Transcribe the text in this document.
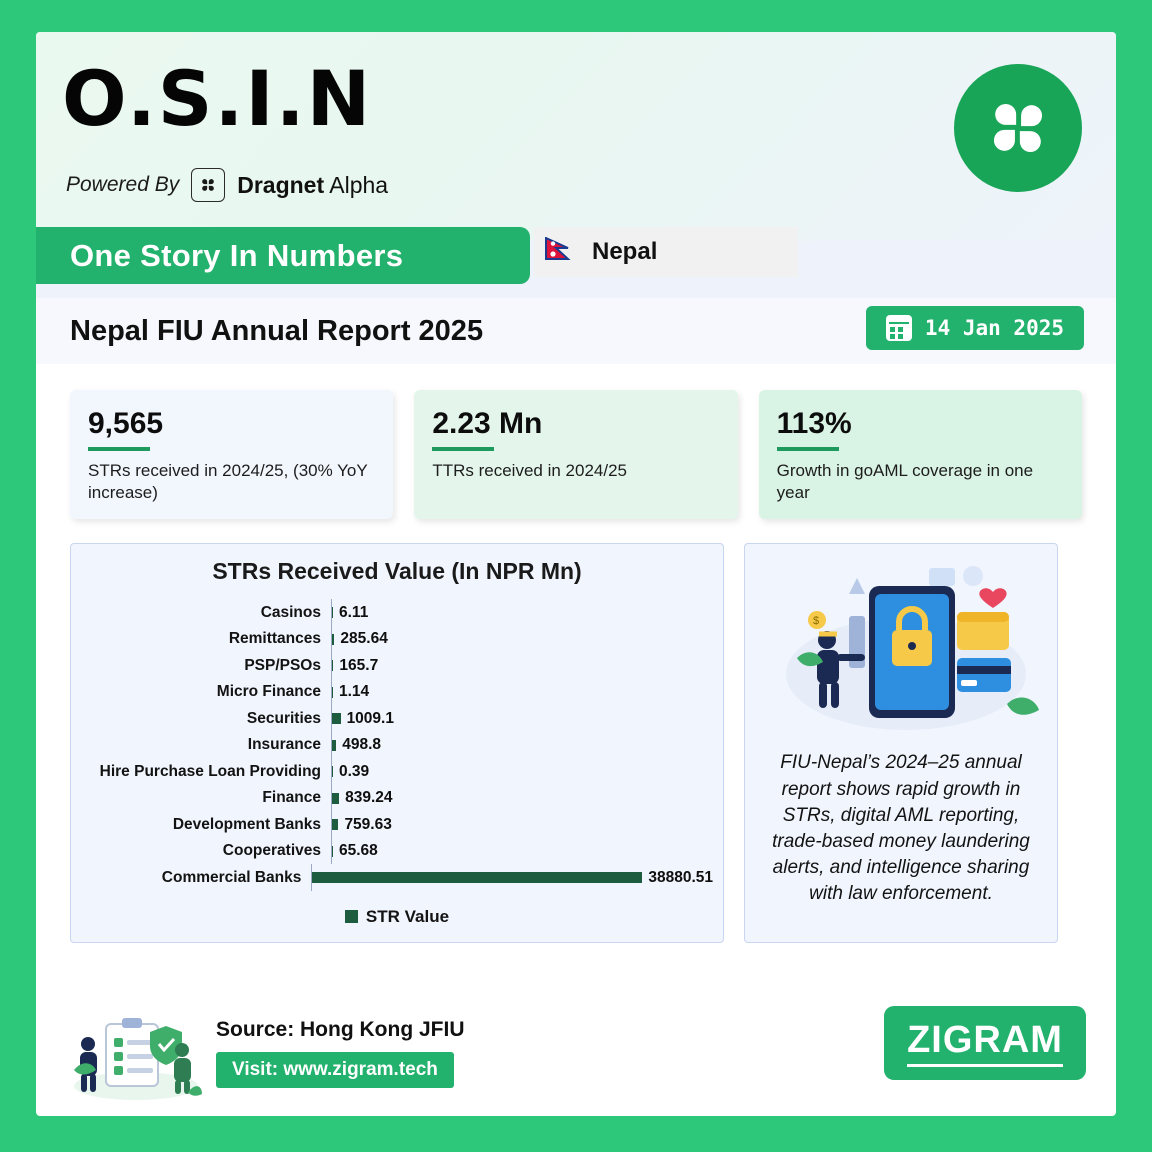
O.S.I.N
Powered By	Dragnet Alpha
One Story In Numbers	Nepal
Nepal FIU Annual Report 2025	14 Jan 2025
9,565
STRs received in 2024/25, (30% YoY increase)
2.23 Mn
TTRs received in 2024/25
113%
Growth in goAML coverage in one year
STRs Received Value (In NPR Mn)
Casinos	6.11
Remittances	285.64
PSP/PSOs	165.7
Micro Finance	1.14
Securities	1009.1
Insurance	498.8
Hire Purchase Loan Providing	0.39
Finance	839.24
Development Banks	759.63
Cooperatives	65.68
Commercial Banks	38880.51
STR Value
$
FIU-Nepal’s 2024–25 annual report shows rapid growth in STRs, digital AML reporting, trade-based money laundering alerts, and intelligence sharing with law enforcement.
Source: Hong Kong JFIU
Visit: www.zigram.tech
ZIGRAM
